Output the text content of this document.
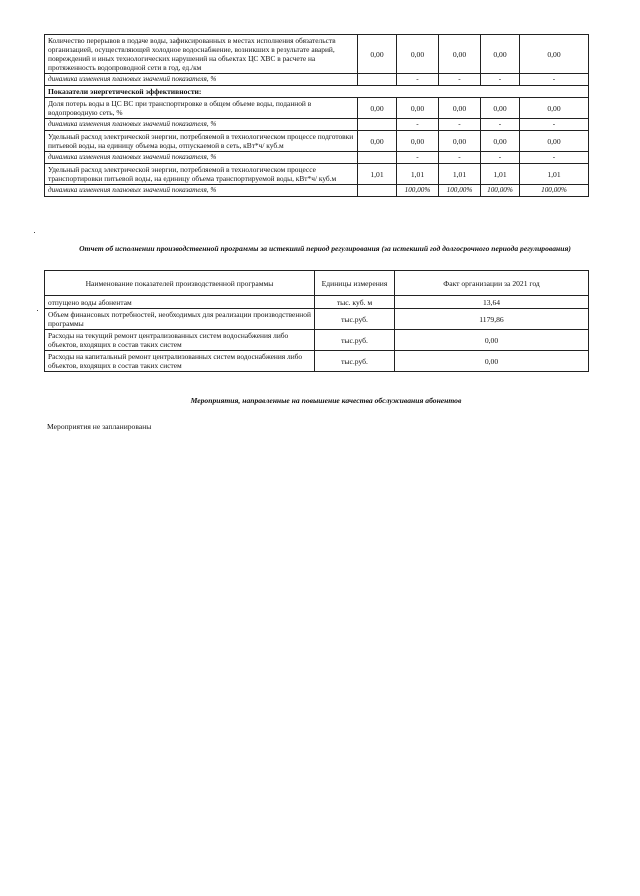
Количество перерывов в подаче воды, зафиксированных в местах исполнения обязательств организацией, осуществляющей холодное водоснабжение, возникших в результате аварий, повреждений и иных технологических нарушений на объектах ЦС ХВС в расчете на протяженность водопроводной сети в год, ед./км	0,00	0,00	0,00	0,00	0,00
динамика изменения плановых значений показателя, %		-	-	-	-
Показатели энергетической эффективности:					
Доля потерь воды в ЦС ВС при транспортировке в общем объеме воды, поданной в водопроводную сеть, %	0,00	0,00	0,00	0,00	0,00
динамика изменения плановых значений показателя, %		-	-	-	-
Удельный расход электрической энергии, потребляемой в технологическом процессе подготовки питьевой воды, на единицу объема воды, отпускаемой в сеть, кВт*ч/ куб.м	0,00	0,00	0,00	0,00	0,00
динамика изменения плановых значений показателя, %		-	-	-	-
Удельный расход электрической энергии, потребляемой в технологическом процессе транспортировки питьевой воды, на единицу объема транспортируемой воды, кВт*ч/ куб.м	1,01	1,01	1,01	1,01	1,01
динамика изменения плановых значений показателя, %		100,00%	100,00%	100,00%	100,00%
Отчет об исполнении производственной программы за истекший период регулирования (за истекший год долгосрочного периода регулирования)
Наименование показателей производственной программы	Единицы измерения	Факт организации за 2021 год
отпущено воды абонентам	тыс. куб. м	13,64
Объем финансовых потребностей, необходимых для реализации производственной программы	тыс.руб.	1179,86
Расходы на текущий ремонт централизованных систем водоснабжения либо объектов, входящих в состав таких систем	тыс.руб.	0,00
Расходы на капитальный ремонт централизованных систем водоснабжения либо объектов, входящих в состав таких систем	тыс.руб.	0,00
Мероприятия, направленные на повышение качества обслуживания абонентов
Мероприятия не запланированы
